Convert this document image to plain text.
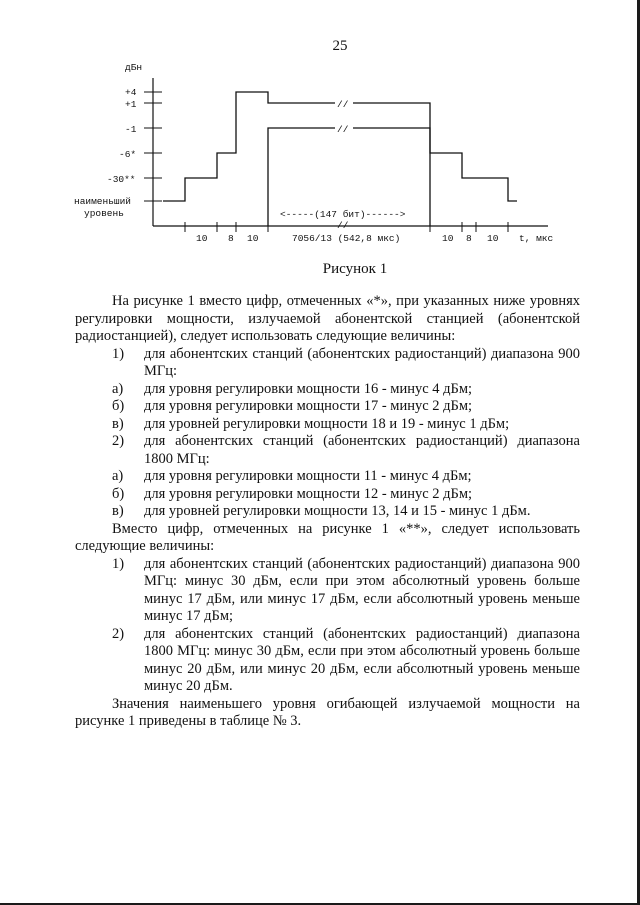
25
дБн
+4
+1
-1
-6*
-30**
наименьший
уровень
//
//
<-----(147 бит)------>
//
10 8 10	7056/13 (542,8 мкс)	10 8 10 t, мкс
Рисунок 1

На рисунке 1 вместо цифр, отмеченных «*», при указанных ниже уровнях регулировки мощности, излучаемой абонентской станцией (абонентской радиостанцией), следует использовать следующие величины:

1)	для абонентских станций (абонентских радиостанций) диапазона 900 МГц:
а)	для уровня регулировки мощности 16 - минус 4 дБм;
б)	для уровня регулировки мощности 17 - минус 2 дБм;
в)	для уровней регулировки мощности 18 и 19 - минус 1 дБм;
2)	для абонентских станций (абонентских радиостанций) диапазона 1800 МГц:
а)	для уровня регулировки мощности 11 - минус 4 дБм;
б)	для уровня регулировки мощности 12 - минус 2 дБм;
в)	для уровней регулировки мощности 13, 14 и 15 - минус 1 дБм.

Вместо цифр, отмеченных на рисунке 1 «**», следует использовать следующие величины:

1)	для абонентских станций (абонентских радиостанций) диапазона 900 МГц: минус 30 дБм, если при этом абсолютный уровень больше минус 17 дБм, или минус 17 дБм, если абсолютный уровень меньше минус 17 дБм;
2)	для абонентских станций (абонентских радиостанций) диапазона 1800 МГц: минус 30 дБм, если при этом абсолютный уровень больше минус 20 дБм, или минус 20 дБм, если абсолютный уровень меньше минус 20 дБм.

Значения наименьшего уровня огибающей излучаемой мощности на рисунке 1 приведены в таблице № 3.
